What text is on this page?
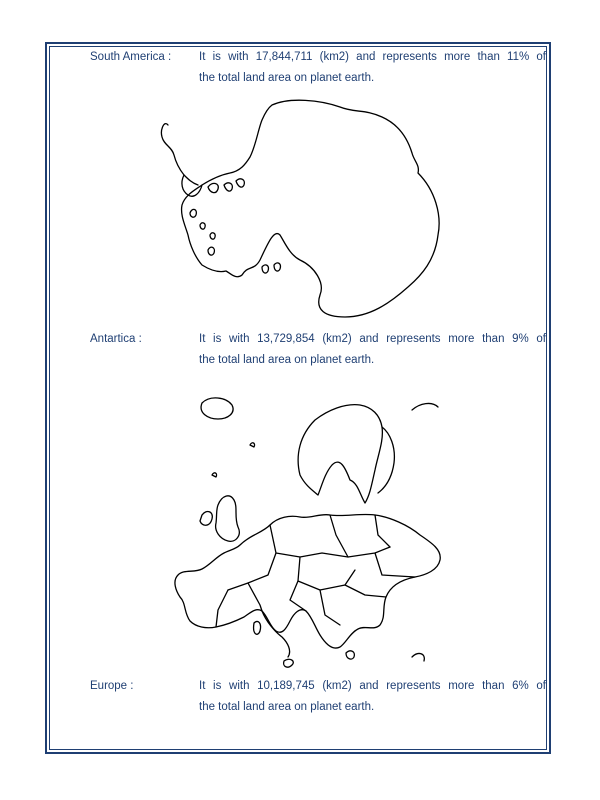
South America : It is with 17,844,711 (km2) and represents more than 11% of
the total land area on planet earth.
Antartica :	It is with 13,729,854 (km2) and represents more than 9% of
the total land area on planet earth.
Europe :	It is with 10,189,745 (km2) and represents more than 6% of
the total land area on planet earth.
